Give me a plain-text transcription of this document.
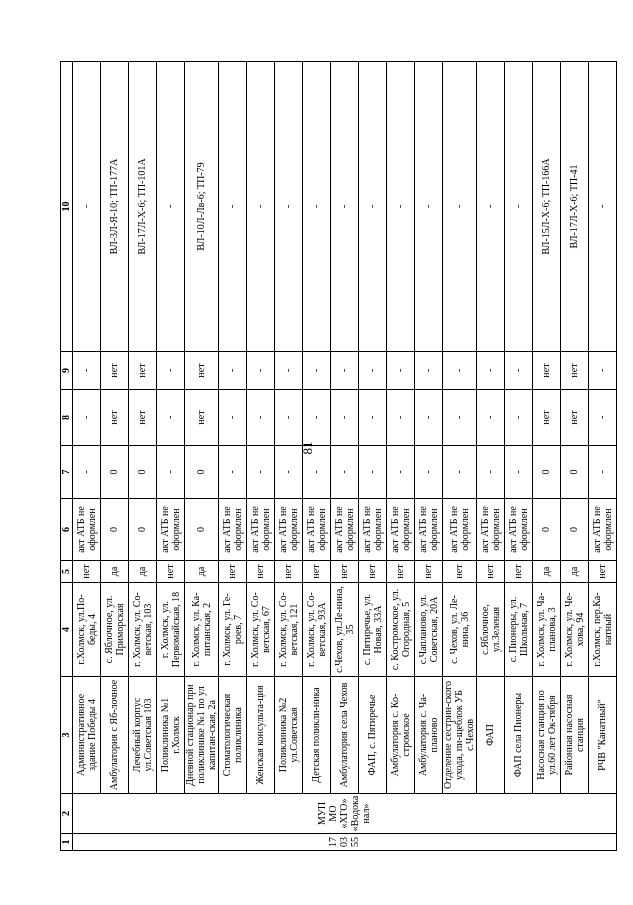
81
1	2	3	4	5	6	7	8	9	10
170355	МУП МО «ХГО» «Водоканал»	Административное здание Победы 4	г.Холмск, ул.По-беды, 4	нет	акт АТБ не оформлен	-	-	-	-
		Амбулатория с Яб-лочное	с. Яблочное, ул. Приморская	да	0	0	нет	нет	ВЛ-3Л-Я-10; ТП-177А
		Лечебный корпус ул.Советская 103	г. Холмск, ул. Со-ветская, 103	да	0	0	нет	нет	ВЛ-17Л-Х-6; ТП-101А
		Поликлиника №1 г.Холмск	г. Холмск, ул. Первомайская, 18	нет	акт АТБ не оформлен	-	-	-	-
		Дневной стационар при поликлинике №1 по ул капитан-ская, 2а	г. Холмск, ул. Ка-питанская, 2	да	0	0	нет	нет	ВЛ-10Л-Лв-6; ТП-79
		Стоматологическая поликлиника	г. Холмск, ул. Ге-роев, 7	нет	акт АТБ не оформлен	-	-	-	-
		Женская консульта-ция	г. Холмск, ул. Со-ветская, 67	нет	акт АТБ не оформлен	-	-	-	-
		Поликлиника №2 ул.Советская	г. Холмск, ул. Со-ветская, 121	нет	акт АТБ не оформлен	-	-	-	-
		Детская поликли-ника	г. Холмск, ул. Со-ветская, 93А	нет	акт АТБ не оформлен	-	-	-	-
		Амбулатория села Чехов	с.Чехов, ул.Ле-нина, 35	нет	акт АТБ не оформлен	-	-	-	-
		ФАП, с. Пятиречье	с. Пятиречье, ул. Новая, 33А	нет	акт АТБ не оформлен	-	-	-	-
		Амбулатория с. Ко-стромское	с. Костромское, ул. Огородная, 5	нет	акт АТБ не оформлен	-	-	-	-
		Амбулатория с. Ча-плановo	с.Чапланово, ул. Советская, 20А	нет	акт АТБ не оформлен	-	-	-	-
		Отделение сестрин-ского ухода, пи-щеблок УБ с.Чехов	с. Чехов, ул. Ле-нина, 36	нет	акт АТБ не оформлен	-	-	-	-
		ФАП	с.Яблочное, ул.Зеленая	нет	акт АТБ не оформлен	-	-	-	-
		ФАП села Пионеры	с. Пионеры, ул. Школьная, 7	нет	акт АТБ не оформлен	-	-	-	-
		Насосная станция по ул.60 лет Ок-тября	г. Холмск, ул. Ча-плановa, 3	да	0	0	нет	нет	ВЛ-15Л-Х-6; ТП-166А
		Районная насосная станция	г. Холмск, ул. Че-хова, 94	да	0	0	нет	нет	ВЛ-17Л-Х-6; ТП-41
		РЧВ "Канатный"	г.Холмск, пер.Ка-натный	нет	акт АТБ не оформлен	-	-	-	-
